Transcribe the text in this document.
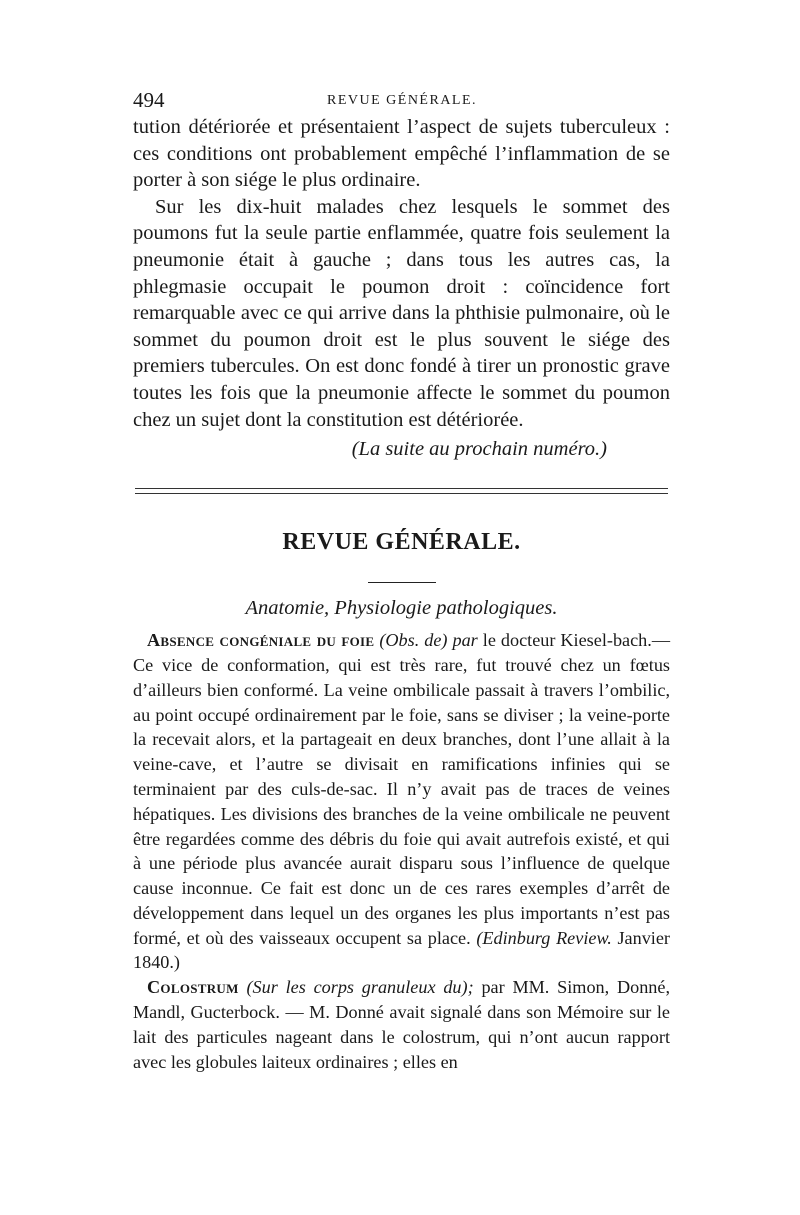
494	REVUE GÉNÉRALE.

tution détériorée et présentaient l’aspect de sujets tuberculeux : ces conditions ont probablement empêché l’inflammation de se porter à son siége le plus ordinaire.

Sur les dix-huit malades chez lesquels le sommet des poumons fut la seule partie enflammée, quatre fois seulement la pneumonie était à gauche ; dans tous les autres cas, la phlegmasie occupait le poumon droit : coïncidence fort remarquable avec ce qui arrive dans la phthisie pulmonaire, où le sommet du poumon droit est le plus souvent le siége des premiers tubercules. On est donc fondé à tirer un pronostic grave toutes les fois que la pneumonie affecte le sommet du poumon chez un sujet dont la constitution est détériorée.

(La suite au prochain numéro.)

REVUE GÉNÉRALE.
Anatomie, Physiologie pathologiques.

Absence congéniale du foie (Obs. de) par le docteur Kiesel-bach.—Ce vice de conformation, qui est très rare, fut trouvé chez un fœtus d’ailleurs bien conformé. La veine ombilicale passait à travers l’ombilic, au point occupé ordinairement par le foie, sans se diviser ; la veine-porte la recevait alors, et la partageait en deux branches, dont l’une allait à la veine-cave, et l’autre se divisait en ramifications infinies qui se terminaient par des culs-de-sac. Il n’y avait pas de traces de veines hépatiques. Les divisions des branches de la veine ombilicale ne peuvent être regardées comme des débris du foie qui avait autrefois existé, et qui à une période plus avancée aurait disparu sous l’influence de quelque cause inconnue. Ce fait est donc un de ces rares exemples d’arrêt de développement dans lequel un des organes les plus importants n’est pas formé, et où des vaisseaux occupent sa place. (Edinburg Review. Janvier 1840.)

Colostrum (Sur les corps granuleux du); par MM. Simon, Donné, Mandl, Gucterbock. — M. Donné avait signalé dans son Mémoire sur le lait des particules nageant dans le colostrum, qui n’ont aucun rapport avec les globules laiteux ordinaires ; elles en
